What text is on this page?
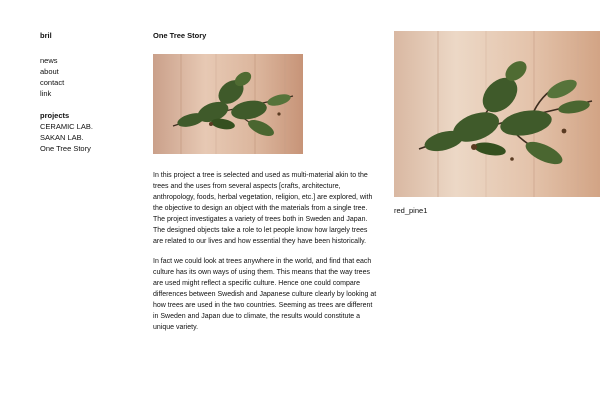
bril
news
about
contact
link
projects
CERAMIC LAB.
SAKAN LAB.
One Tree Story
One Tree Story

In this project a tree is selected and used as multi-material akin to the trees and the uses from several aspects [crafts, architecture, anthropology, foods, herbal vegetation, religion, etc.] are explored, with the objective to design an object with the materials from a single tree. The project investigates a variety of trees both in Sweden and Japan. The designed objects take a role to let people know how largely trees are related to our lives and how essential they have been historically.

In fact we could look at trees anywhere in the world, and find that each culture has its own ways of using them. This means that the way trees are used might reflect a specific culture. Hence one could compare differences between Swedish and Japanese culture clearly by looking at how trees are used in the two countries. Seeming as trees are different in Sweden and Japan due to climate, the results would constitute a unique variety.

red_pine1
